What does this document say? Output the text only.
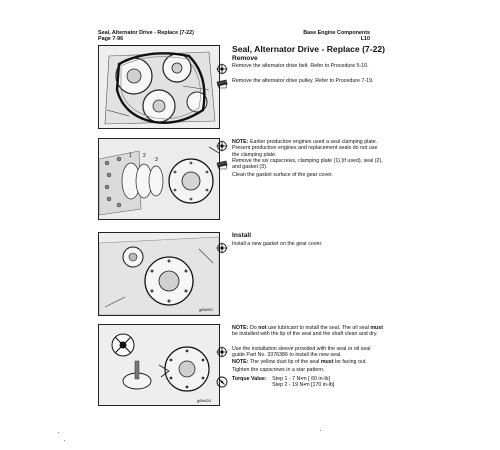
Seal, Alternator Drive - Replace (7-22)
Page 7-96
Base Engine Components
L10
Seal, Alternator Drive - Replace (7-22)
Remove
Remove the alternator drive belt. Refer to Procedure 5-10.
Remove the alternator drive pulley. Refer to Procedure 7-19.
1 2
3
NOTE: Earlier production engines used a seal clamping plate. Present production engines and replacement seals do not use the clamping plate.
Remove the six capscrews, clamping plate (1) (if used), seal (2), and gasket (3).
Clean the gasket surface of the gear cover.
g00e021
Install
Install a new gasket on the gear cover.
g00e024
NOTE: Do not use lubricant to install the seal. The oil seal must be installed with the lip of the seal and the shaft clean and dry.
Use the installation sleeve provided with the seal or oil seal guide Part No. 3376386 to install the new seal.
NOTE: The yellow dust lip of the seal must be facing out.
Tighten the capscrews in a star pattern.
Torque Value: Step 1 - 7 N•m [ 60 in-lb]
Step 2 - 19 N•m [170 in-lb]
